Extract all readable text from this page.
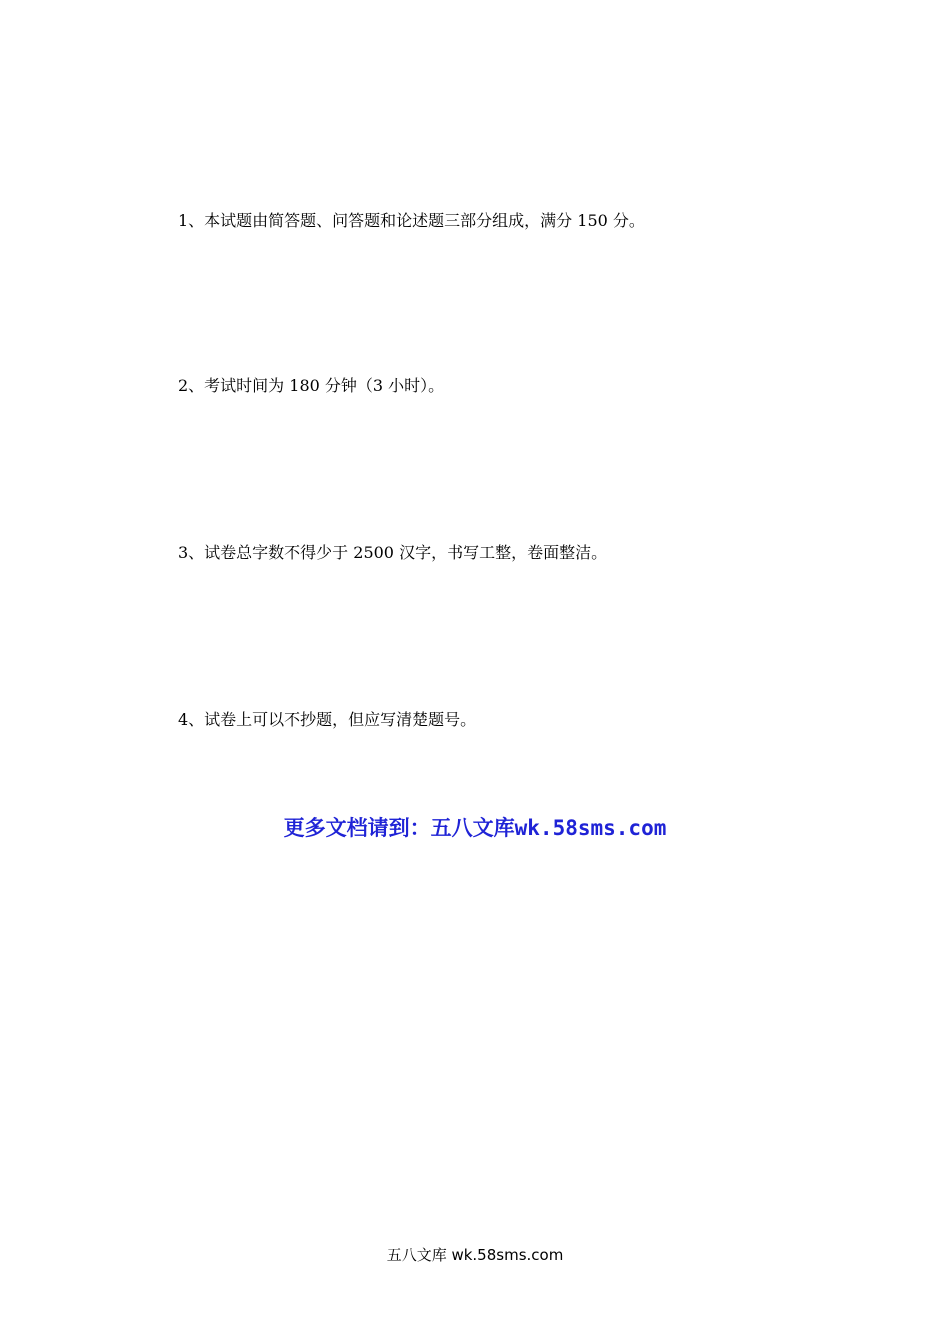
1、本试题由简答题、问答题和论述题三部分组成，满分 150 分。

2、考试时间为 180 分钟（3 小时）。

3、试卷总字数不得少于 2500 汉字，书写工整，卷面整洁。

4、试卷上可以不抄题，但应写清楚题号。

更多文档请到：五八文库wk.58sms.com
五八文库 wk.58sms.com
